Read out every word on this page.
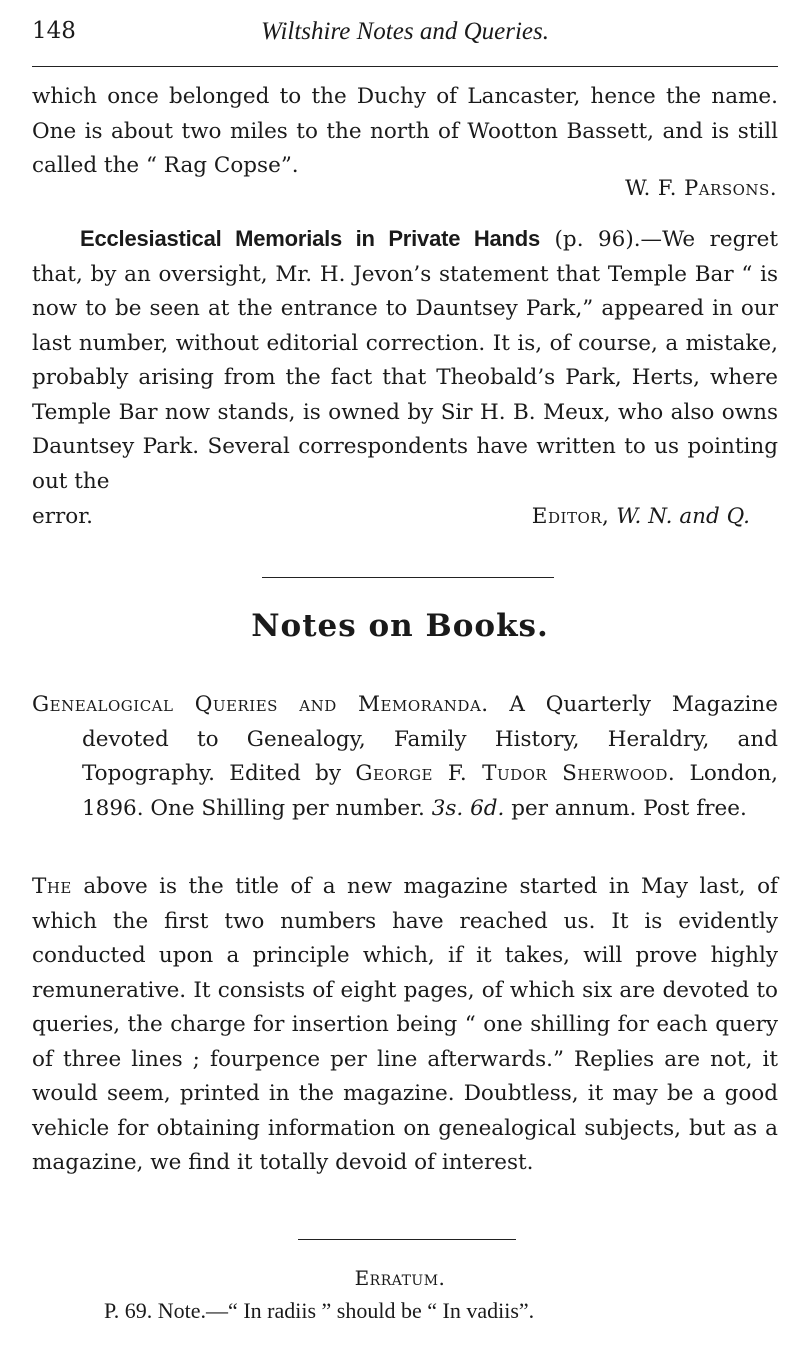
148	Wiltshire Notes and Queries.

which once belonged to the Duchy of Lancaster, hence the name. One is about two miles to the north of Wootton Bassett, and is still called the “ Rag Copse”.

W. F. Parsons.

Ecclesiastical Memorials in Private Hands (p. 96).—We regret that, by an oversight, Mr. H. Jevon’s statement that Temple Bar “ is now to be seen at the entrance to Dauntsey Park,” appeared in our last number, without editorial correction. It is, of course, a mistake, probably arising from the fact that Theobald’s Park, Herts, where Temple Bar now stands, is owned by Sir H. B. Meux, who also owns Dauntsey Park. Several correspondents have written to us pointing out the

error.	Editor, W. N. and Q.
Notes on Books.

Genealogical Queries and Memoranda. A Quarterly Magazine devoted to Genealogy, Family History, Heraldry, and Topography. Edited by George F. Tudor Sherwood. London, 1896. One Shilling per number. 3s. 6d. per annum. Post free.

The above is the title of a new magazine started in May last, of which the first two numbers have reached us. It is evidently conducted upon a principle which, if it takes, will prove highly remunerative. It consists of eight pages, of which six are devoted to queries, the charge for insertion being “ one shilling for each query of three lines ; fourpence per line afterwards.” Replies are not, it would seem, printed in the magazine. Doubtless, it may be a good vehicle for obtaining information on genealogical subjects, but as a magazine, we find it totally devoid of interest.

Erratum.
P. 69. Note.—“ In radiis ” should be “ In vadiis”.
